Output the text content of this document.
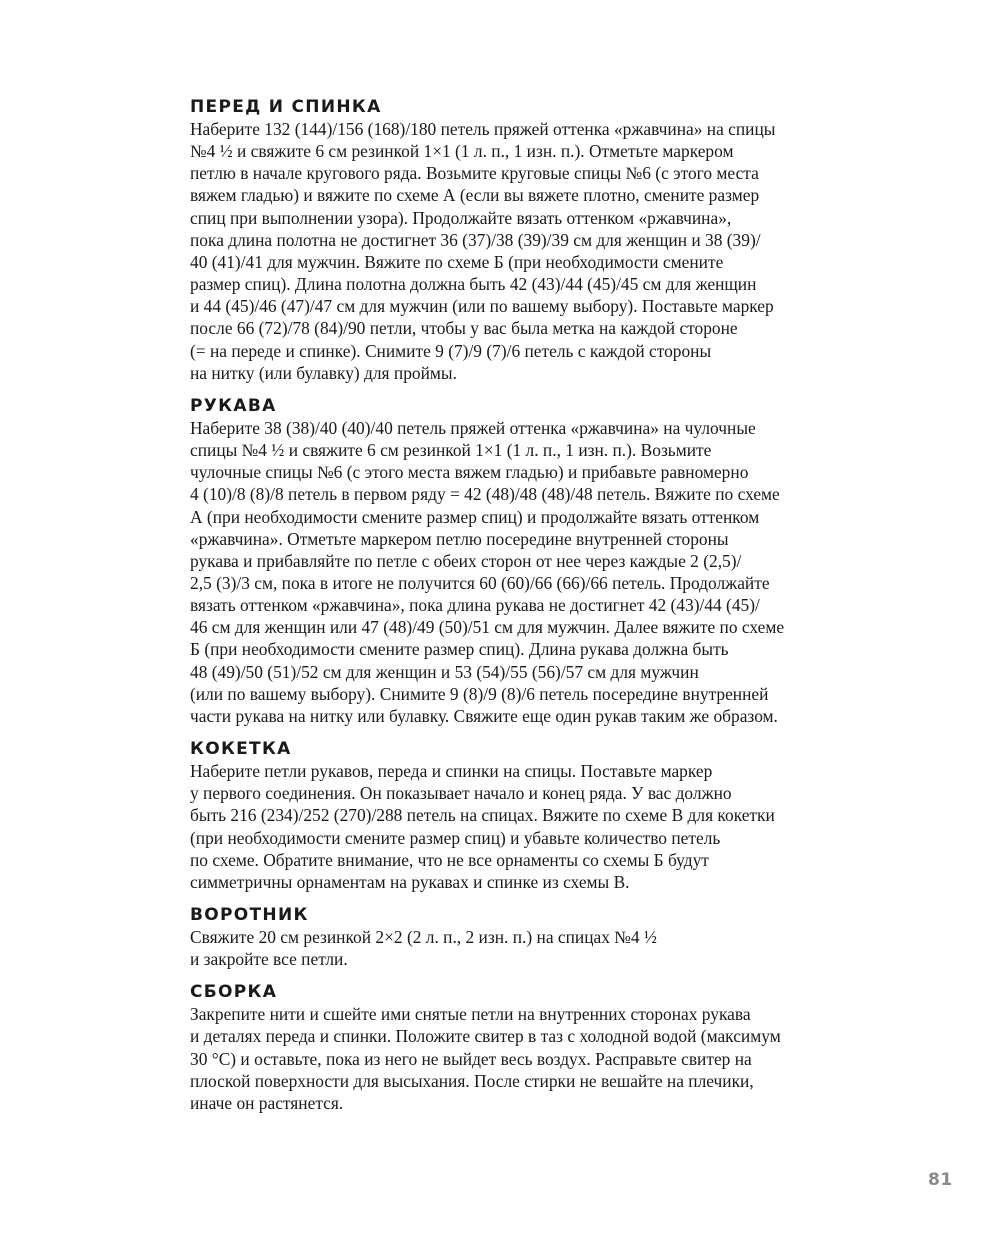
ПЕРЕД И СПИНКА

Наберите 132 (144)/156 (168)/180 петель пряжей оттенка «ржавчина» на спицы
№4 ½ и свяжите 6 см резинкой 1×1 (1 л. п., 1 изн. п.). Отметьте маркером
петлю в начале кругового ряда. Возьмите круговые спицы №6 (с этого места
вяжем гладью) и вяжите по схеме А (если вы вяжете плотно, смените размер
спиц при выполнении узора). Продолжайте вязать оттенком «ржавчина»,
пока длина полотна не достигнет 36 (37)/38 (39)/39 см для женщин и 38 (39)/
40 (41)/41 для мужчин. Вяжите по схеме Б (при необходимости смените
размер спиц). Длина полотна должна быть 42 (43)/44 (45)/45 см для женщин
и 44 (45)/46 (47)/47 см для мужчин (или по вашему выбору). Поставьте маркер
после 66 (72)/78 (84)/90 петли, чтобы у вас была метка на каждой стороне
(= на переде и спинке). Снимите 9 (7)/9 (7)/6 петель с каждой стороны
на нитку (или булавку) для проймы.

РУКАВА

Наберите 38 (38)/40 (40)/40 петель пряжей оттенка «ржавчина» на чулочные
спицы №4 ½ и свяжите 6 см резинкой 1×1 (1 л. п., 1 изн. п.). Возьмите
чулочные спицы №6 (с этого места вяжем гладью) и прибавьте равномерно
4 (10)/8 (8)/8 петель в первом ряду = 42 (48)/48 (48)/48 петель. Вяжите по схеме
А (при необходимости смените размер спиц) и продолжайте вязать оттенком
«ржавчина». Отметьте маркером петлю посередине внутренней стороны
рукава и прибавляйте по петле с обеих сторон от нее через каждые 2 (2,5)/
2,5 (3)/3 см, пока в итоге не получится 60 (60)/66 (66)/66 петель. Продолжайте
вязать оттенком «ржавчина», пока длина рукава не достигнет 42 (43)/44 (45)/
46 см для женщин или 47 (48)/49 (50)/51 см для мужчин. Далее вяжите по схеме
Б (при необходимости смените размер спиц). Длина рукава должна быть
48 (49)/50 (51)/52 см для женщин и 53 (54)/55 (56)/57 см для мужчин
(или по вашему выбору). Снимите 9 (8)/9 (8)/6 петель посередине внутренней
части рукава на нитку или булавку. Свяжите еще один рукав таким же образом.

КОКЕТКА

Наберите петли рукавов, переда и спинки на спицы. Поставьте маркер
у первого соединения. Он показывает начало и конец ряда. У вас должно
быть 216 (234)/252 (270)/288 петель на спицах. Вяжите по схеме В для кокетки
(при необходимости смените размер спиц) и убавьте количество петель
по схеме. Обратите внимание, что не все орнаменты со схемы Б будут
симметричны орнаментам на рукавах и спинке из схемы В.

ВОРОТНИК

Свяжите 20 см резинкой 2×2 (2 л. п., 2 изн. п.) на спицах №4 ½
и закройте все петли.

СБОРКА

Закрепите нити и сшейте ими снятые петли на внутренних сторонах рукава
и деталях переда и спинки. Положите свитер в таз с холодной водой (максимум
30 °C) и оставьте, пока из него не выйдет весь воздух. Расправьте свитер на
плоской поверхности для высыхания. После стирки не вешайте на плечики,
иначе он растянется.

81
